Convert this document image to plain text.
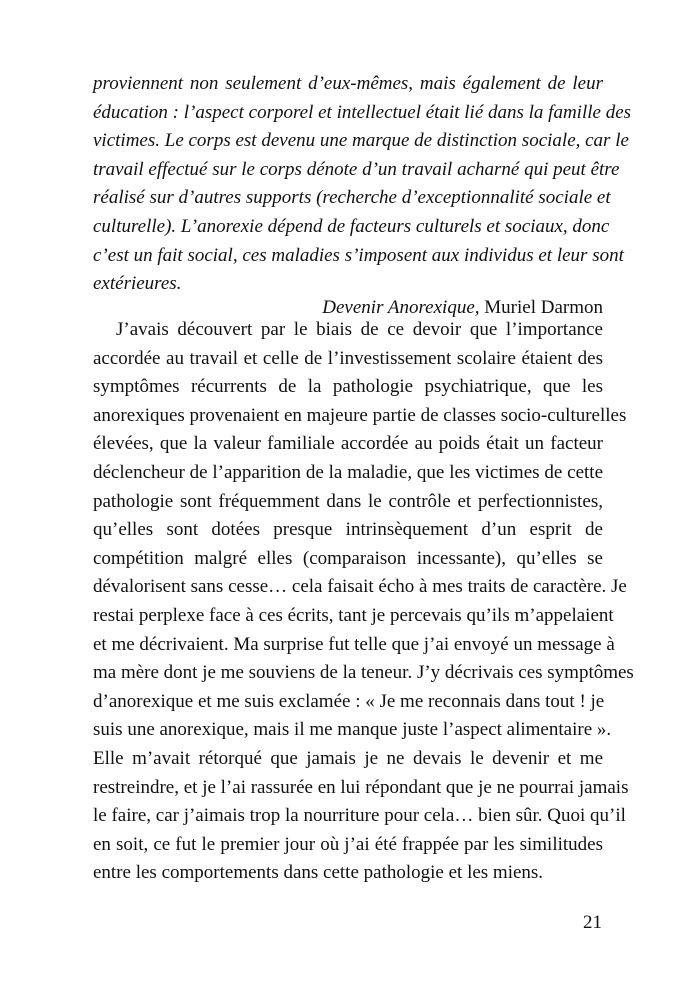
proviennent non seulement d’eux-mêmes, mais également de leur
éducation : l’aspect corporel et intellectuel était lié dans la famille des
victimes. Le corps est devenu une marque de distinction sociale, car le
travail effectué sur le corps dénote d’un travail acharné qui peut être
réalisé sur d’autres supports (recherche d’exceptionnalité sociale et
culturelle). L’anorexie dépend de facteurs culturels et sociaux, donc
c’est un fait social, ces maladies s’imposent aux individus et leur sont
extérieures.
Devenir Anorexique, Muriel Darmon
J’avais découvert par le biais de ce devoir que l’importance
accordée au travail et celle de l’investissement scolaire étaient des
symptômes récurrents de la pathologie psychiatrique, que les
anorexiques provenaient en majeure partie de classes socio-culturelles
élevées, que la valeur familiale accordée au poids était un facteur
déclencheur de l’apparition de la maladie, que les victimes de cette
pathologie sont fréquemment dans le contrôle et perfectionnistes,
qu’elles sont dotées presque intrinsèquement d’un esprit de
compétition malgré elles (comparaison incessante), qu’elles se
dévalorisent sans cesse… cela faisait écho à mes traits de caractère. Je
restai perplexe face à ces écrits, tant je percevais qu’ils m’appelaient
et me décrivaient. Ma surprise fut telle que j’ai envoyé un message à
ma mère dont je me souviens de la teneur. J’y décrivais ces symptômes
d’anorexique et me suis exclamée : « Je me reconnais dans tout ! je
suis une anorexique, mais il me manque juste l’aspect alimentaire ».
Elle m’avait rétorqué que jamais je ne devais le devenir et me
restreindre, et je l’ai rassurée en lui répondant que je ne pourrai jamais
le faire, car j’aimais trop la nourriture pour cela… bien sûr. Quoi qu’il
en soit, ce fut le premier jour où j’ai été frappée par les similitudes
entre les comportements dans cette pathologie et les miens.
21
